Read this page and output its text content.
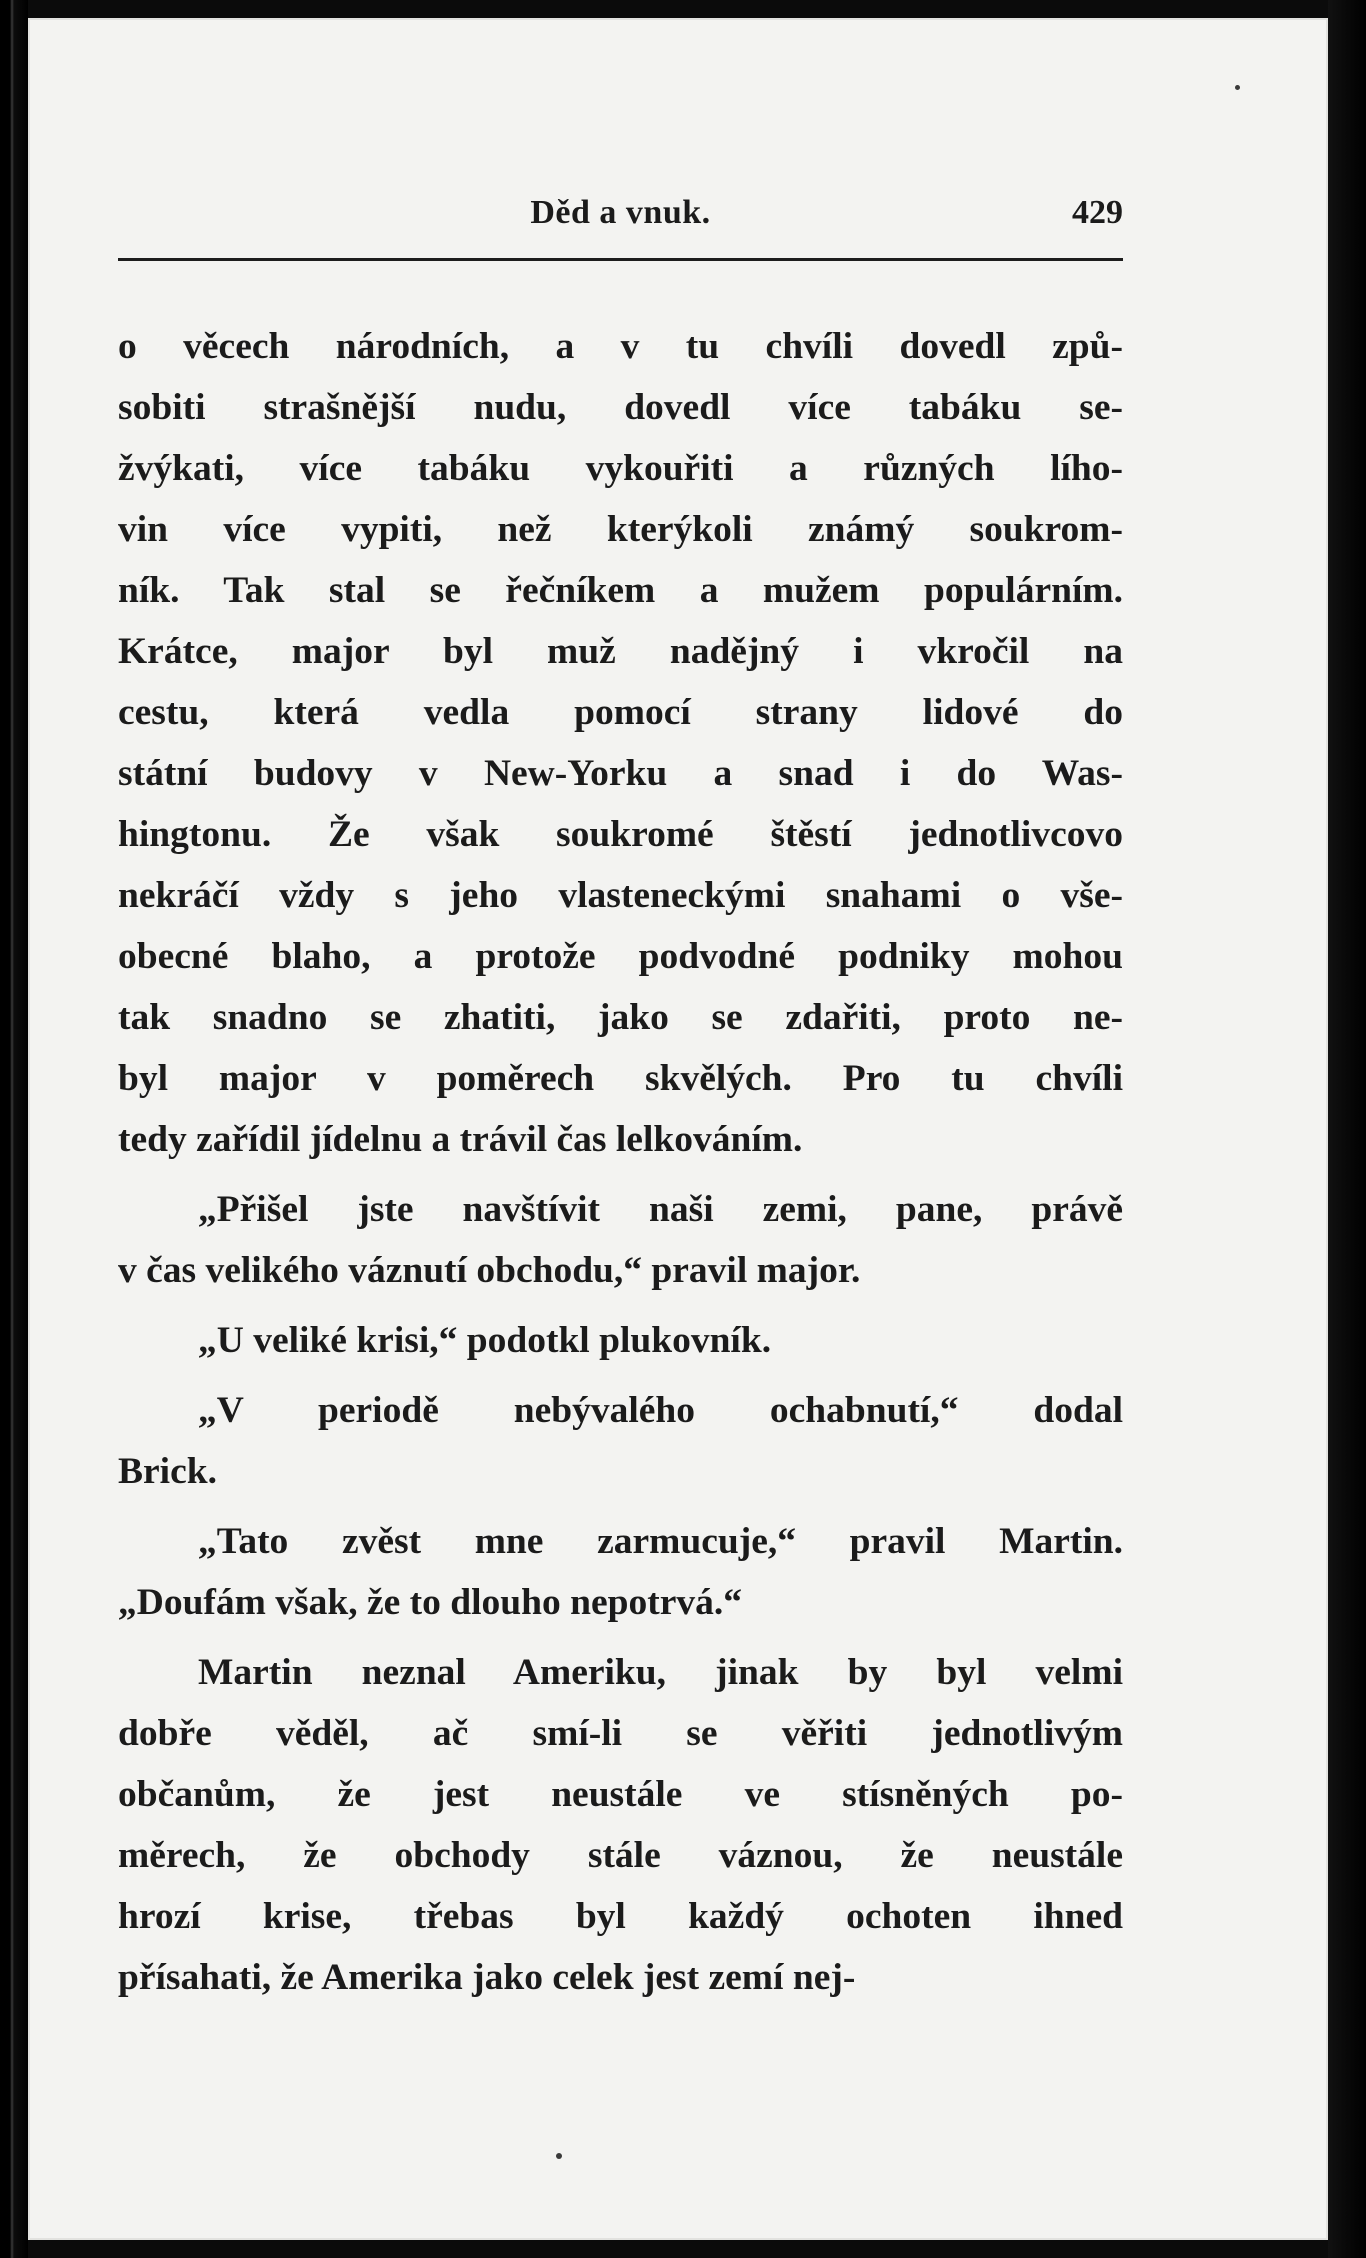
Děd a vnuk.	429
o věcech národních, a v tu chvíli dovedl způ-
sobiti strašnější nudu, dovedl více tabáku se-
žvýkati, více tabáku vykouřiti a různých lího-
vin více vypiti, než kterýkoli známý soukrom-
ník. Tak stal se řečníkem a mužem populárním.
Krátce, major byl muž nadějný i vkročil na
cestu, která vedla pomocí strany lidové do
státní budovy v New-Yorku a snad i do Was-
hingtonu. Že však soukromé štěstí jednotlivcovo
nekráčí vždy s jeho vlasteneckými snahami o vše-
obecné blaho, a protože podvodné podniky mohou
tak snadno se zhatiti, jako se zdařiti, proto ne-
byl major v poměrech skvělých. Pro tu chvíli
tedy zařídil jídelnu a trávil čas lelkováním.
„Přišel jste navštívit naši zemi, pane, právě
v čas velikého váznutí obchodu,“ pravil major.
„U veliké krisi,“ podotkl plukovník.
„V periodě nebývalého ochabnutí,“ dodal
Brick.
„Tato zvěst mne zarmucuje,“ pravil Martin.
„Doufám však, že to dlouho nepotrvá.“
Martin neznal Ameriku, jinak by byl velmi
dobře věděl, ač smí-li se věřiti jednotlivým
občanům, že jest neustále ve stísněných po-
měrech, že obchody stále váznou, že neustále
hrozí krise, třebas byl každý ochoten ihned
přísahati, že Amerika jako celek jest zemí nej-
